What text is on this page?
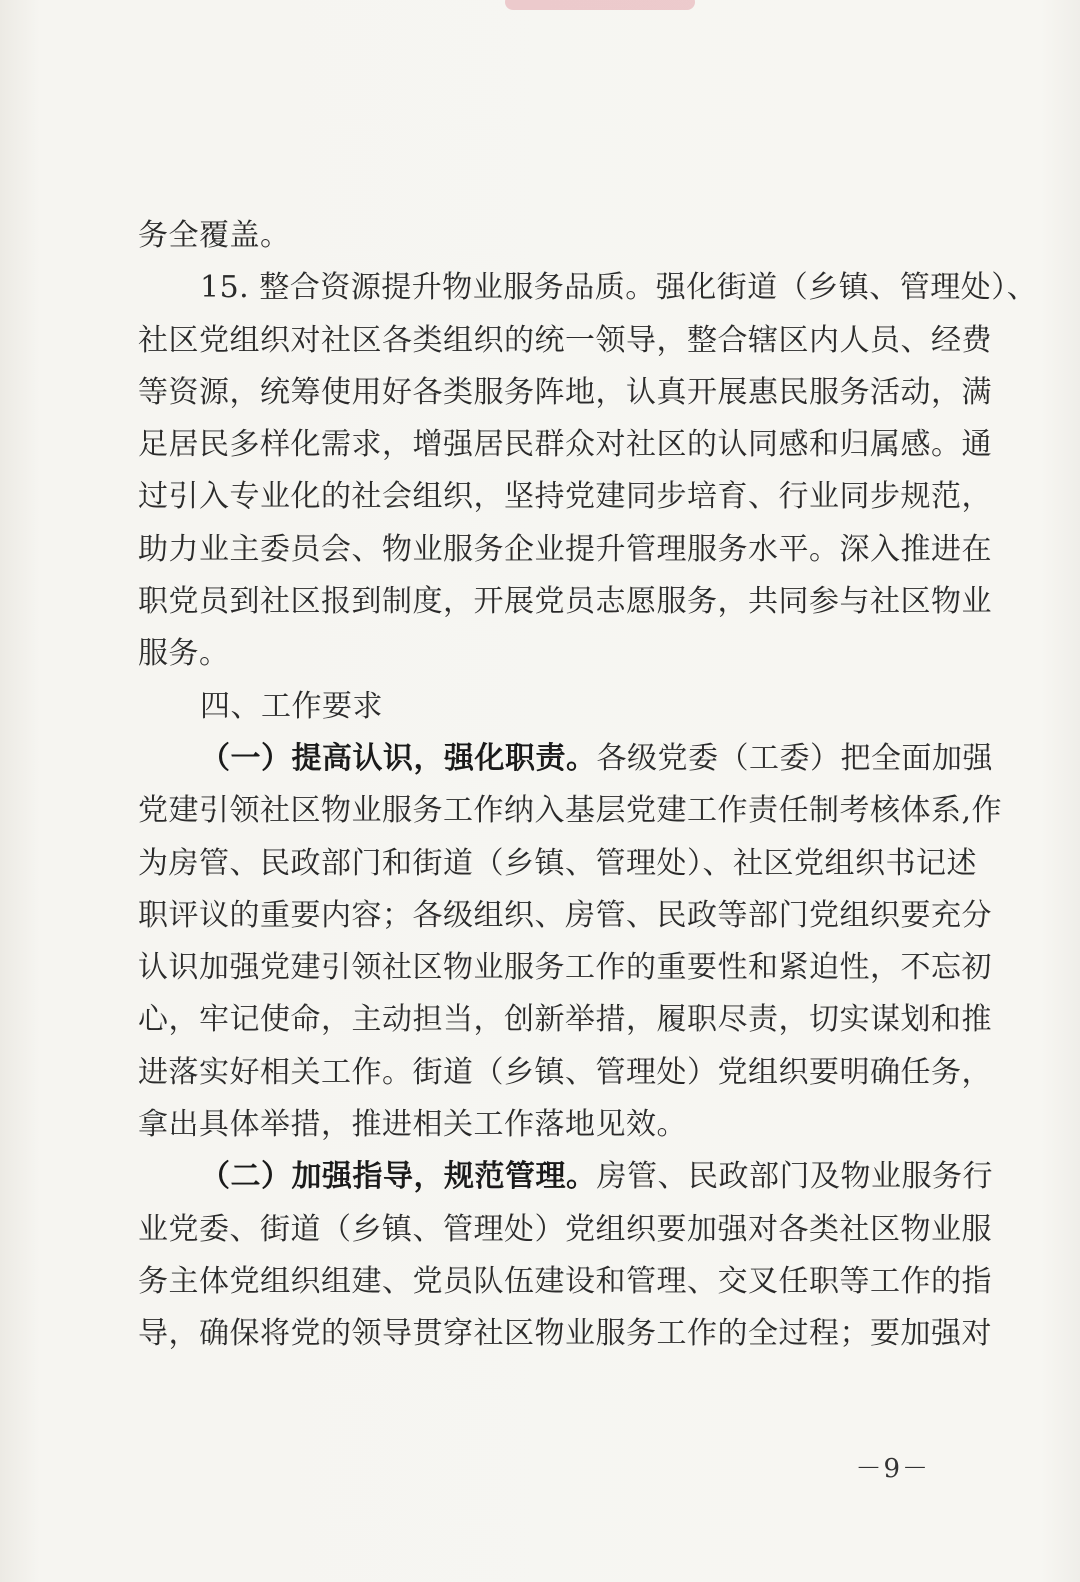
务全覆盖。
15. 整合资源提升物业服务品质。强化街道（乡镇、管理处）、
社区党组织对社区各类组织的统一领导，整合辖区内人员、经费
等资源，统筹使用好各类服务阵地，认真开展惠民服务活动，满
足居民多样化需求，增强居民群众对社区的认同感和归属感。通
过引入专业化的社会组织，坚持党建同步培育、行业同步规范，
助力业主委员会、物业服务企业提升管理服务水平。深入推进在
职党员到社区报到制度，开展党员志愿服务，共同参与社区物业
服务。
四、工作要求
（一）提高认识，强化职责。各级党委（工委）把全面加强
党建引领社区物业服务工作纳入基层党建工作责任制考核体系,作
为房管、民政部门和街道（乡镇、管理处）、社区党组织书记述
职评议的重要内容；各级组织、房管、民政等部门党组织要充分
认识加强党建引领社区物业服务工作的重要性和紧迫性，不忘初
心，牢记使命，主动担当，创新举措，履职尽责，切实谋划和推
进落实好相关工作。街道（乡镇、管理处）党组织要明确任务，
拿出具体举措，推进相关工作落地见效。
（二）加强指导，规范管理。房管、民政部门及物业服务行
业党委、街道（乡镇、管理处）党组织要加强对各类社区物业服
务主体党组织组建、党员队伍建设和管理、交叉任职等工作的指
导，确保将党的领导贯穿社区物业服务工作的全过程；要加强对
－9－
